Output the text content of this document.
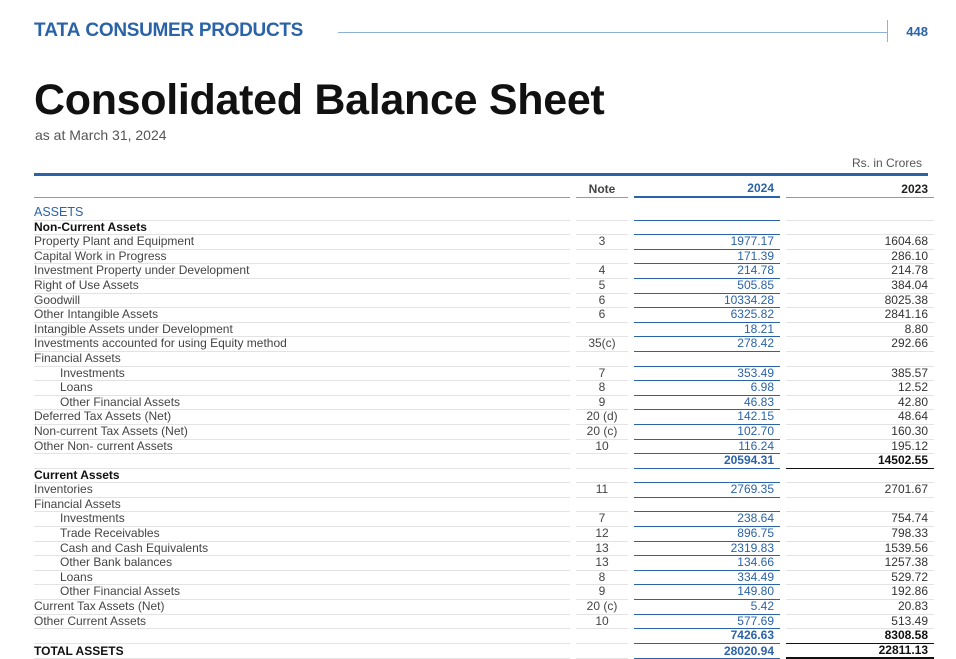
TATA CONSUMER PRODUCTS	448
Consolidated Balance Sheet
as at March 31, 2024
Rs. in Crores
		Note		2024		2023

ASSETS						
Non-Current Assets						
Property Plant and Equipment		3		1977.17		1604.68
Capital Work in Progress				171.39		286.10
Investment Property under Development		4		214.78		214.78
Right of Use Assets		5		505.85		384.04
Goodwill		6		10334.28		8025.38
Other Intangible Assets		6		6325.82		2841.16
Intangible Assets under Development				18.21		8.80
Investments accounted for using Equity method		35(c)		278.42		292.66
Financial Assets						
Investments		7		353.49		385.57
Loans		8		6.98		12.52
Other Financial Assets		9		46.83		42.80
Deferred Tax Assets (Net)		20 (d)		142.15		48.64
Non-current Tax Assets (Net)		20 (c)		102.70		160.30
Other Non- current Assets		10		116.24		195.12
				20594.31		14502.55
Current Assets						
Inventories		11		2769.35		2701.67
Financial Assets						
Investments		7		238.64		754.74
Trade Receivables		12		896.75		798.33
Cash and Cash Equivalents		13		2319.83		1539.56
Other Bank balances		13		134.66		1257.38
Loans		8		334.49		529.72
Other Financial Assets		9		149.80		192.86
Current Tax Assets (Net)		20 (c)		5.42		20.83
Other Current Assets		10		577.69		513.49
				7426.63		8308.58
TOTAL ASSETS				28020.94		22811.13
